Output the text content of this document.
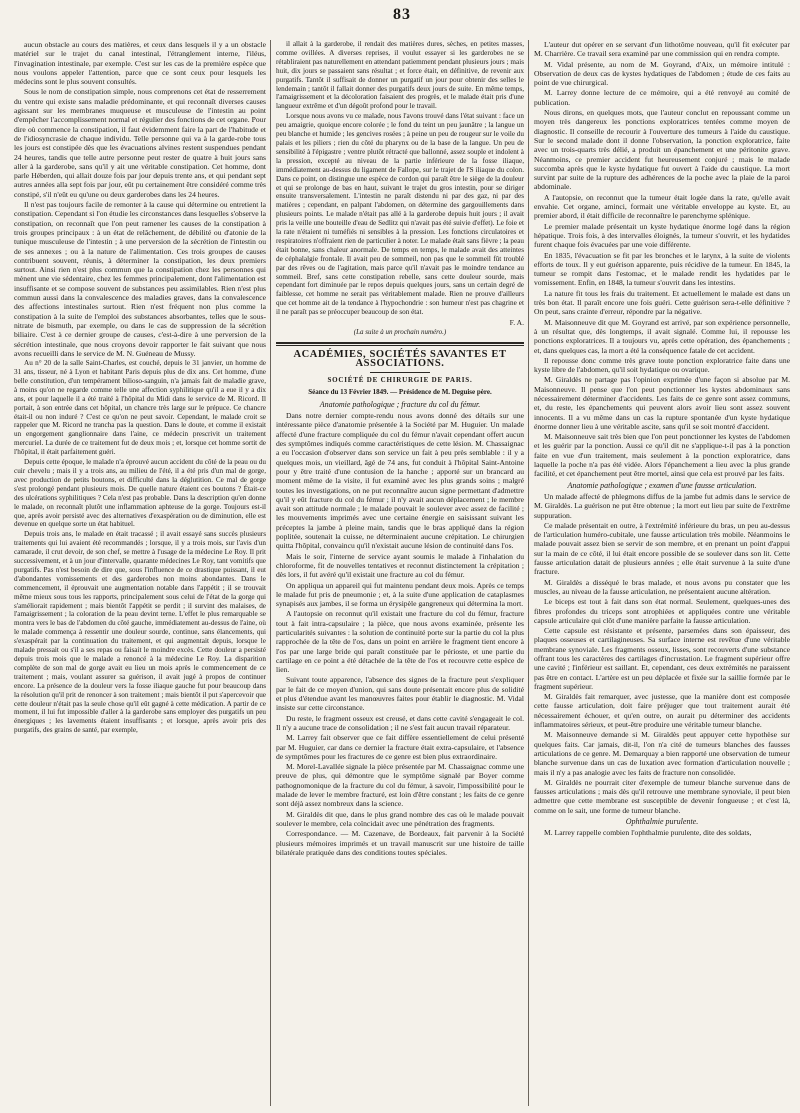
83

aucun obstacle au cours des matières, et ceux dans lesquels il y a un obstacle matériel sur le trajet du canal intestinal, l'étranglement interne, l'iléus, l'invagination intestinale, par exemple. C'est sur les cas de la première espèce que nous voulons appeler l'attention, parce que ce sont ceux pour lesquels les médecins sont le plus souvent consultés.

Sous le nom de constipation simple, nous comprenons cet état de resserrement du ventre qui existe sans maladie prédominante, et qui reconnaît diverses causes agissant sur les membranes muqueuse et musculeuse de l'intestin au point d'empêcher l'accomplissement normal et régulier des fonctions de cet organe. Pour dire où commence la constipation, il faut évidemment faire la part de l'habitude et de l'idiosyncrasie de chaque individu. Telle personne qui va à la garde-robe tous les jours est constipée dès que les évacuations alvines restent suspendues pendant 24 heures, tandis que telle autre personne peut rester de quatre à huit jours sans aller à la garderobe, sans qu'il y ait une véritable constipation. Cet homme, dont parle Héberden, qui allait douze fois par jour depuis trente ans, et qui pendant sept autres années alla sept fois par jour, eût pu certainement être considéré comme très constipé, s'il n'eût eu qu'une ou deux garderobes dans les 24 heures.

Il n'est pas toujours facile de remonter à la cause qui détermine ou entretient la constipation. Cependant si l'on étudie les circonstances dans lesquelles s'observe la constipation, on reconnaît que l'on peut ramener les causes de la constipation à trois groupes principaux : à un état de relâchement, de débilité ou d'atonie de la tunique musculeuse de l'intestin ; à une perversion de la sécrétion de l'intestin ou de ses annexes ; ou à la nature de l'alimentation. Ces trois groupes de causes contribuent souvent, réunis, à déterminer la constipation, les deux premiers surtout. Ainsi rien n'est plus commun que la constipation chez les personnes qui mènent une vie sédentaire, chez les femmes principalement, dont l'alimentation est insuffisante et se compose souvent de substances peu assimilables. Rien n'est plus commun aussi dans la convalescence des maladies graves, dans la convalescence des affections intestinales surtout. Rien n'est fréquent non plus comme la constipation à la suite de l'emploi des substances absorbantes, telles que le sous-nitrate de bismuth, par exemple, ou dans le cas de suppression de la sécrétion biliaire. C'est à ce dernier groupe de causes, c'est-à-dire à une perversion de la sécrétion intestinale, que nous croyons devoir rapporter le fait suivant que nous avons recueilli dans le service de M. N. Guéneau de Mussy.

Au n° 20 de la salle Saint-Charles, est couché, depuis le 31 janvier, un homme de 31 ans, tisseur, né à Lyon et habitant Paris depuis plus de dix ans. Cet homme, d'une belle constitution, d'un tempérament bilioso-sanguin, n'a jamais fait de maladie grave, à moins qu'on ne regarde comme telle une affection syphilitique qu'il a eue il y a dix ans, et pour laquelle il a été traité à l'hôpital du Midi dans le service de M. Ricord. Il portait, à son entrée dans cet hôpital, un chancre très large sur le prépuce. Ce chancre était-il ou non induré ? C'est ce qu'on ne peut savoir. Cependant, le malade croit se rappeler que M. Ricord ne trancha pas la question. Dans le doute, et comme il existait un engorgement ganglionnaire dans l'aine, ce médecin prescrivit un traitement mercuriel. La durée de ce traitement fut de deux mois ; et, lorsque cet homme sortit de l'hôpital, il était parfaitement guéri.

Depuis cette époque, le malade n'a éprouvé aucun accident du côté de la peau ou du cuir chevelu ; mais il y a trois ans, au milieu de l'été, il a été pris d'un mal de gorge, avec production de petits boutons, et difficulté dans la déglutition. Ce mal de gorge s'est prolongé pendant plusieurs mois. De quelle nature étaient ces boutons ? Était-ce des ulcérations syphilitiques ? Cela n'est pas probable. Dans la description qu'en donne le malade, on reconnaît plutôt une inflammation aphteuse de la gorge. Toujours est-il que, après avoir persisté avec des alternatives d'exaspération ou de diminution, elle est devenue en quelque sorte un état habituel.

Depuis trois ans, le malade en était tracassé ; il avait essayé sans succès plusieurs traitements qui lui avaient été recommandés ; lorsque, il y a trois mois, sur l'avis d'un camarade, il crut devoir, de son chef, se mettre à l'usage de la médecine Le Roy. Il prit successivement, et à un jour d'intervalle, quarante médecines Le Roy, tant vomitifs que purgatifs. Pas n'est besoin de dire que, sous l'influence de ce drastique puissant, il eut d'abondantes vomissements et des garderobes non moins abondantes. Dans le commencement, il éprouvait une augmentation notable dans l'appétit ; il se trouvait même mieux sous tous les rapports, principalement sous celui de l'état de la gorge qui s'améliorait rapidement ; mais bientôt l'appétit se perdit ; il survint des malaises, de l'amaigrissement ; la coloration de la peau devint terne. L'effet le plus remarquable se montra vers le bas de l'abdomen du côté gauche, immédiatement au-dessus de l'aine, où le malade commença à ressentir une douleur sourde, continue, sans élancements, qui s'exaspérait par la continuation du traitement, et qui augmentait depuis, lorsque le malade pressait ou s'il a ses repas ou faisait le moindre excès. Cette douleur a persisté depuis trois mois que le malade a renoncé à la médecine Le Roy. La disparition complète de son mal de gorge avait eu lieu un mois après le commencement de ce traitement ; mais, voulant assurer sa guérison, il avait jugé à propos de continuer encore. La présence de la douleur vers la fosse iliaque gauche fut pour beaucoup dans la résolution qu'il prit de renoncer à son traitement ; mais bientôt il put s'apercevoir que cette douleur n'était pas la seule chose qu'il eût gagné à cette médication. A partir de ce moment, il lui fut impossible d'aller à la garderobe sans employer des purgatifs un peu énergiques ; les lavements étaient insuffisants ; et lorsque, après avoir pris des purgatifs, des grains de santé, par exemple,

il allait à la garderobe, il rendait des matières dures, sèches, en petites masses, comme ovillées. A diverses reprises, il voulut essayer si les garderobes ne se rétabliraient pas naturellement en attendant patiemment pendant plusieurs jours ; mais huit, dix jours se passaient sans résultat ; et force était, en définitive, de revenir aux purgatifs. Tantôt il suffisait de donner un purgatif un jour pour obtenir des selles le lendemain ; tantôt il fallait donner des purgatifs deux jours de suite. En même temps, l'amaigrissement et la décoloration faisaient des progrès, et le malade était pris d'une langueur extrême et d'un dégoût profond pour le travail.

Lorsque nous avons vu ce malade, nous l'avons trouvé dans l'état suivant : face un peu amaigrie, quoique encore colorée ; le fond du teint un peu jaunâtre ; la langue un peu blanche et humide ; les gencives rosées ; à peine un peu de rougeur sur le voile du palais et les piliers ; rien du côté du pharynx ou de la base de la langue. Un peu de sensibilité à l'épigastre ; ventre plutôt rétracté que ballonné, assez souple et indolent à la pression, excepté au niveau de la partie inférieure de la fosse iliaque, immédiatement au-dessus du ligament de Fallope, sur le trajet de l'S iliaque du colon. Dans ce point, on distingue une espèce de cordon qui paraît être le siège de la douleur et qui se prolonge de bas en haut, suivant le trajet du gros intestin, pour se diriger ensuite transversalement. L'intestin ne paraît distendu ni par des gaz, ni par des matières ; cependant, en palpant l'abdomen, on détermine des gargouillements dans plusieurs points. Le malade n'était pas allé à la garderobe depuis huit jours ; il avait pris la veille une bouteille d'eau de Sedlitz qui n'avait pas été suivie d'effet). Le foie et la rate n'étaient ni tuméfiés ni sensibles à la pression. Les fonctions circulatoires et respiratoires n'offraient rien de particulier à noter. Le malade était sans fièvre ; la peau était bonne, sans chaleur anormale. De temps en temps, le malade avait des atteintes de céphalalgie frontale. Il avait peu de sommeil, non pas que le sommeil fût troublé par des rêves ou de l'agitation, mais parce qu'il n'avait pas le moindre tendance au sommeil. Bref, sans cette constipation rebelle, sans cette douleur sourde, mais cependant fort diminuée par le repos depuis quelques jours, sans un certain degré de faiblesse, cet homme ne serait pas véritablement malade. Rien ne prouve d'ailleurs que cet homme ait de la tendance à l'hypochondrie : son humeur n'est pas chagrine et il ne paraît pas se préoccuper beaucoup de son état.

F. A.

(La suite à un prochain numéro.)

ACADÉMIES, SOCIÉTÉS SAVANTES ET ASSOCIATIONS.
SOCIÉTÉ DE CHIRURGIE DE PARIS.
Séance du 13 Février 1849. — Présidence de M. Deguise père.
Anatomie pathologique ; fracture du col du fémur.

Dans notre dernier compte-rendu nous avons donné des détails sur une intéressante pièce d'anatomie présentée à la Société par M. Huguier. Un malade affecté d'une fracture compliquée du col du fémur n'avait cependant offert aucun des symptômes indiqués comme caractéristiques de cette lésion. M. Chassaignac a eu l'occasion d'observer dans son service un fait à peu près semblable : il y a quelques mois, un vieillard, âgé de 74 ans, fut conduit à l'hôpital Saint-Antoine pour y être traité d'une contusion de la hanche ; apporté sur un brancard au moment même de la visite, il fut examiné avec les plus grands soins ; malgré toutes les investigations, on ne put reconnaître aucun signe permettant d'admettre qu'il y eût fracture du col du fémur ; il n'y avait aucun déplacement ; le membre avait son attitude normale ; le malade pouvait le soulever avec assez de facilité ; les mouvements imprimés avec une certaine énergie en saisissant suivant les préceptes la jambe à pleine main, tandis que le bras appliqué dans la région poplitée, soutenait la cuisse, ne déterminaient aucune crépitation. Le chirurgien quitta l'hôpital, convaincu qu'il n'existait aucune lésion de continuité dans l'os.

Mais le soir, l'interne de service ayant soumis le malade à l'inhalation du chloroforme, fit de nouvelles tentatives et reconnut distinctement la crépitation ; dès lors, il fut avéré qu'il existait une fracture au col du fémur.

On appliqua un appareil qui fut maintenu pendant deux mois. Après ce temps le malade fut pris de pneumonie ; et, à la suite d'une application de cataplasmes synapisés aux jambes, il se forma un érysipèle gangreneux qui détermina la mort.

A l'autopsie on reconnut qu'il existait une fracture du col du fémur, fracture tout à fait intra-capsulaire ; la pièce, que nous avons examinée, présente les particularités suivantes : la solution de continuité porte sur la partie du col la plus rapprochée de la tête de l'os, dans un point en arrière le fragment tient encore à l'os par une large bride qui paraît constituée par le périoste, et une partie du cartilage en ce point a été détachée de la tête de l'os et recouvre cette espèce de lien.

Suivant toute apparence, l'absence des signes de la fracture peut s'expliquer par le fait de ce moyen d'union, qui sans doute présentait encore plus de solidité et plus d'étendue avant les manœuvres faites pour établir le diagnostic. M. Vidal insiste sur cette circonstance.

Du reste, le fragment osseux est creusé, et dans cette cavité s'engageait le col. Il n'y a aucune trace de consolidation ; il ne s'est fait aucun travail réparateur.

M. Larrey fait observer que ce fait diffère essentiellement de celui présenté par M. Huguier, car dans ce dernier la fracture était extra-capsulaire, et l'absence de symptômes pour les fractures de ce genre est bien plus extraordinaire.

M. Morel-Lavallée signale la pièce présentée par M. Chassaignac comme une preuve de plus, qui démontre que le symptôme signalé par Boyer comme pathognomonique de la fracture du col du fémur, à savoir, l'impossibilité pour le malade de lever le membre fracturé, est loin d'être constant ; les faits de ce genre sont déjà assez nombreux dans la science.

M. Giraldès dit que, dans le plus grand nombre des cas où le malade pouvait soulever le membre, cela coïncidait avec une pénétration des fragments.

Correspondance. — M. Cazenave, de Bordeaux, fait parvenir à la Société plusieurs mémoires imprimés et un travail manuscrit sur une histoire de taille bilatérale pratiquée dans des conditions toutes spéciales.

L'auteur dut opérer en se servant d'un lithotôme nouveau, qu'il fit exécuter par M. Charrière. Ce travail sera examiné par une commission qui en rendra compte.

M. Vidal présente, au nom de M. Goyrand, d'Aix, un mémoire intitulé : Observation de deux cas de kystes hydatiques de l'abdomen ; étude de ces faits au point de vue chirurgical.

M. Larrey donne lecture de ce mémoire, qui a été renvoyé au comité de publication.

Nous dirons, en quelques mots, que l'auteur conclut en repoussant comme un moyen très dangereux les ponctions exploratrices tentées comme moyen de diagnostic. Il conseille de recourir à l'ouverture des tumeurs à l'aide du caustique. Sur le second malade dont il donne l'observation, la ponction exploratrice, faite avec un trois-quarts très délié, a produit un épanchement et une péritonite grave. Néanmoins, ce premier accident fut heureusement conjuré ; mais le malade succomba après que le kyste hydatique fut ouvert à l'aide du caustique. La mort survint par suite de la rupture des adhérences de la poche avec la plaie de la paroi abdominale.

A l'autopsie, on reconnut que la tumeur était logée dans la rate, qu'elle avait envahie. Cet organe, aminci, formait une véritable enveloppe au kyste. Et, au premier abord, il était difficile de reconnaître le parenchyme splénique.

Le premier malade présentait un kyste hydatique énorme logé dans la région hépatique. Trois fois, à des intervalles éloignés, la tumeur s'ouvrit, et les hydatides furent chaque fois évacuées par une voie différente.

En 1835, l'évacuation se fit par les bronches et le larynx, à la suite de violents efforts de toux. Il y eut guérison apparente, puis récidive de la tumeur. En 1845, la tumeur se rompit dans l'estomac, et le malade rendit les hydatides par le vomissement. Enfin, en 1848, la tumeur s'ouvrit dans les intestins.

La nature fit tous les frais du traitement. Et actuellement le malade est dans un très bon état. Il paraît encore une fois guéri. Cette guérison sera-t-elle définitive ? On peut, sans crainte d'erreur, répondre par la négative.

M. Maisonneuve dit que M. Goyrand est arrivé, par son expérience personnelle, à un résultat que, dès longtemps, il avait signalé. Comme lui, il repousse les ponctions exploratrices. Il a toujours vu, après cette opération, des épanchements ; et, dans quelques cas, la mort a été la conséquence fatale de cet accident.

Il repousse donc comme très grave toute ponction exploratrice faite dans une kyste libre de l'abdomen, qu'il soit hydatique ou ovarique.

M. Giraldès ne partage pas l'opinion exprimée d'une façon si absolue par M. Maisonneuve. Il pense que l'on peut ponctionner les kystes abdominaux sans nécessairement déterminer d'accidents. Les faits de ce genre sont assez communs, et, du reste, les épanchements qui peuvent alors avoir lieu sont assez souvent innocents. Il a vu même dans un cas la rupture spontanée d'un kyste hydatique énorme donner lieu à une véritable ascite, sans qu'il se soit montré d'accident.

M. Maisonneuve sait très bien que l'on peut ponctionner les kystes de l'abdomen et les guérir par la ponction. Aussi ce qu'il dit ne s'applique-t-il pas à la ponction faite en vue d'un traitement, mais seulement à la ponction exploratrice, dans laquelle la poche n'a pas été vidée. Alors l'épanchement a lieu avec la plus grande facilité, et cet épanchement peut être mortel, ainsi que cela est prouvé par les faits.

Anatomie pathologique ; examen d'une fausse articulation.

Un malade affecté de phlegmons diffus de la jambe fut admis dans le service de M. Giraldès. La guérison ne put être obtenue ; la mort eut lieu par suite de l'extrême suppuration.

Ce malade présentait en outre, à l'extrémité inférieure du bras, un peu au-dessus de l'articulation huméro-cubitale, une fausse articulation très mobile. Néanmoins le malade pouvait assez bien se servir de son membre, et en prenant un point d'appui sur la main de ce côté, il lui était encore possible de se soulever dans son lit. Cette fausse articulation datait de plusieurs années ; elle était survenue à la suite d'une fracture.

M. Giraldès a disséqué le bras malade, et nous avons pu constater que les muscles, au niveau de la fausse articulation, ne présentaient aucune altération.

Le biceps est tout à fait dans son état normal. Seulement, quelques-unes des fibres profondes du triceps sont atrophiées et appliquées contre une véritable capsule articulaire qui clôt d'une manière parfaite la fausse articulation.

Cette capsule est résistante et présente, parsemées dans son épaisseur, des plaques osseuses et cartilagineuses. Sa surface interne est revêtue d'une véritable membrane synoviale. Les fragments osseux, lisses, sont recouverts d'une substance offrant tous les caractères des cartilages d'incrustation. Le fragment supérieur offre une cavité ; l'inférieur est saillant. Et, cependant, ces deux extrémités ne paraissent pas être en contact. L'artère est un peu déplacée et fixée sur la saillie formée par le fragment supérieur.

M. Giraldès fait remarquer, avec justesse, que la manière dont est composée cette fausse articulation, doit faire préjuger que tout traitement aurait été nécessairement échouer, et qu'en outre, on aurait pu déterminer des accidents inflammatoires sérieux, et peut-être produire une véritable tumeur blanche.

M. Maisonneuve demande si M. Giraldès peut appuyer cette hypothèse sur quelques faits. Car jamais, dit-il, l'on n'a cité de tumeurs blanches des fausses articulations de ce genre. M. Demarquay a bien rapporté une observation de tumeur blanche survenue dans un cas de luxation avec formation d'articulation nouvelle ; mais il n'y a pas analogie avec les faits de fracture non consolidée.

M. Giraldès ne pourrait citer d'exemple de tumeur blanche survenue dans de fausses articulations ; mais dès qu'il retrouve une membrane synoviale, il peut bien admettre que cette membrane est susceptible de devenir fongueuse ; et c'est là, comme on le sait, une forme de tumeur blanche.

Ophthalmie purulente.

M. Larrey rappelle combien l'ophthalmie purulente, dite des soldats,
